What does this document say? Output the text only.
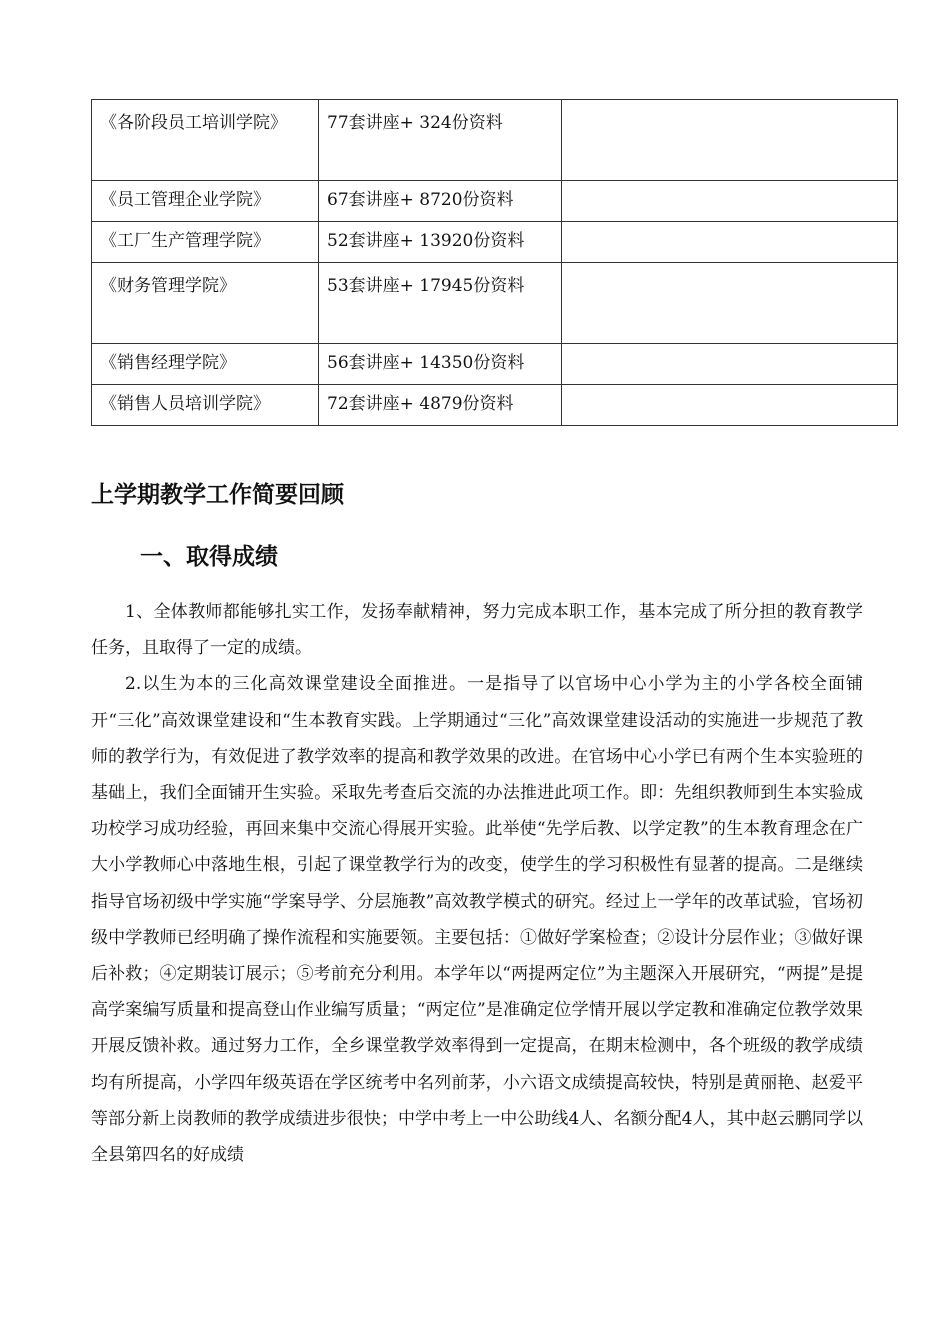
《各阶段员工培训学院》	77套讲座+ 324份资料	
《员工管理企业学院》	67套讲座+ 8720份资料	
《工厂生产管理学院》	52套讲座+ 13920份资料	
《财务管理学院》	53套讲座+ 17945份资料	
《销售经理学院》	56套讲座+ 14350份资料	
《销售人员培训学院》	72套讲座+ 4879份资料	
上学期教学工作简要回顾
一、取得成绩

1、全体教师都能够扎实工作，发扬奉献精神，努力完成本职工作，基本完成了所分担的教育教学任务，且取得了一定的成绩。

2.以生为本的三化高效课堂建设全面推进。一是指导了以官场中心小学为主的小学各校全面铺开“三化”高效课堂建设和“生本教育实践。上学期通过“三化”高效课堂建设活动的实施进一步规范了教师的教学行为，有效促进了教学效率的提高和教学效果的改进。在官场中心小学已有两个生本实验班的基础上，我们全面铺开生实验。采取先考查后交流的办法推进此项工作。即：先组织教师到生本实验成功校学习成功经验，再回来集中交流心得展开实验。此举使“先学后教、以学定教”的生本教育理念在广大小学教师心中落地生根，引起了课堂教学行为的改变，使学生的学习积极性有显著的提高。二是继续指导官场初级中学实施“学案导学、分层施教”高效教学模式的研究。经过上一学年的改革试验，官场初级中学教师已经明确了操作流程和实施要领。主要包括：①做好学案检查；②设计分层作业；③做好课后补救；④定期装订展示；⑤考前充分利用。本学年以“两提两定位”为主题深入开展研究，“两提”是提高学案编写质量和提高登山作业编写质量；“两定位”是准确定位学情开展以学定教和准确定位教学效果开展反馈补救。通过努力工作，全乡课堂教学效率得到一定提高，在期末检测中，各个班级的教学成绩均有所提高，小学四年级英语在学区统考中名列前茅，小六语文成绩提高较快，特别是黄丽艳、赵爱平等部分新上岗教师的教学成绩进步很快；中学中考上一中公助线4人、名额分配4人，其中赵云鹏同学以全县第四名的好成绩
